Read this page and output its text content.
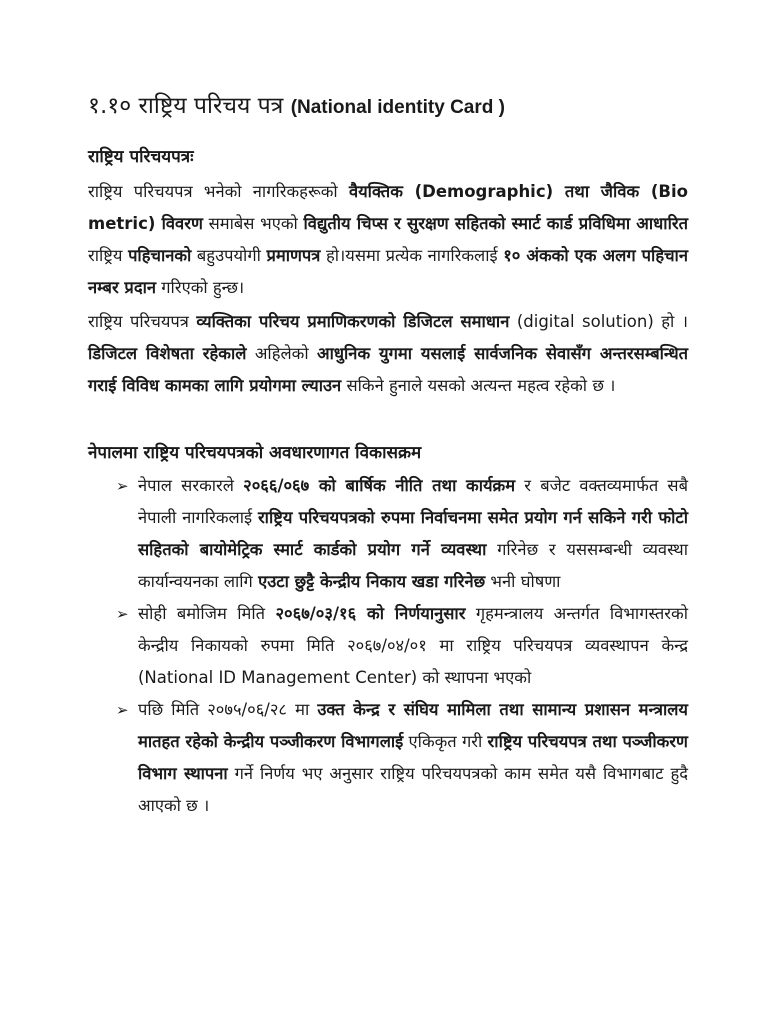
१.१० राष्ट्रिय परिचय पत्र (National identity Card )
राष्ट्रिय परिचयपत्रः

राष्ट्रिय परिचयपत्र भनेको नागरिकहरूको वैयक्तिक (Demographic) तथा जैविक (Bio metric) विवरण समाबेस भएको विद्युतीय चिप्स र सुरक्षण सहितको स्मार्ट कार्ड प्रविधिमा आधारित राष्ट्रिय पहिचानको बहुउपयोगी प्रमाणपत्र हो।यसमा प्रत्येक नागरिकलाई १० अंकको एक अलग पहिचान नम्बर प्रदान गरिएको हुन्छ।

राष्ट्रिय परिचयपत्र व्यक्तिका परिचय प्रमाणिकरणको डिजिटल समाधान (digital solution) हो । डिजिटल विशेषता रहेकाले अहिलेको आधुनिक युगमा यसलाई सार्वजनिक सेवासँग अन्तरसम्बन्धित गराई विविध कामका लागि प्रयोगमा ल्याउन सकिने हुनाले यसको अत्यन्त महत्व रहेको छ ।

नेपालमा राष्ट्रिय परिचयपत्रको अवधारणागत विकासक्रम
➢ नेपाल सरकारले २०६६/०६७ को बार्षिक नीति तथा कार्यक्रम र बजेट वक्तव्यमार्फत सबै नेपाली नागरिकलाई राष्ट्रिय परिचयपत्रको रुपमा निर्वाचनमा समेत प्रयोग गर्न सकिने गरी फोटो सहितको बायोमेट्रिक स्मार्ट कार्डको प्रयोग गर्ने व्यवस्था गरिनेछ र यससम्बन्धी व्यवस्था कार्यान्वयनका लागि एउटा छुट्टै केन्द्रीय निकाय खडा गरिनेछ भनी घोषणा
➢ सोही बमोजिम मिति २०६७/०३/१६ को निर्णयानुसार गृहमन्त्रालय अन्तर्गत विभागस्तरको केन्द्रीय निकायको रुपमा मिति २०६७/०४/०१ मा राष्ट्रिय परिचयपत्र व्यवस्थापन केन्द्र (National ID Management Center) को स्थापना भएको
➢ पछि मिति २०७५/०६/२८ मा उक्त केन्द्र र संघिय मामिला तथा सामान्य प्रशासन मन्त्रालय मातहत रहेको केन्द्रीय पञ्जीकरण विभागलाई एकिकृत गरी राष्ट्रिय परिचयपत्र तथा पञ्जीकरण विभाग स्थापना गर्ने निर्णय भए अनुसार राष्ट्रिय परिचयपत्रको काम समेत यसै विभागबाट हुदै आएको छ ।
